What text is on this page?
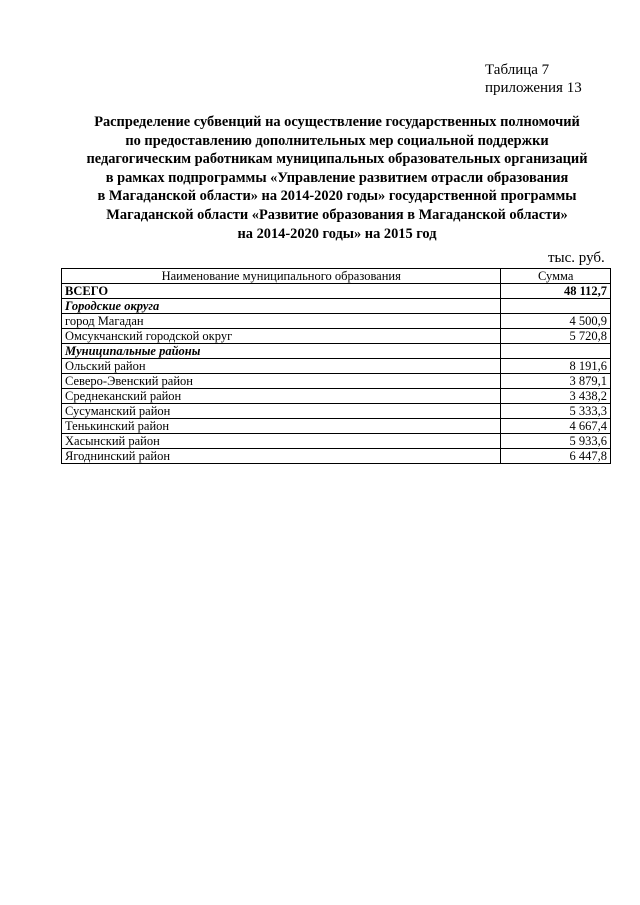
Таблица 7
приложения 13
Распределение субвенций на осуществление государственных полномочий
по предоставлению дополнительных мер социальной поддержки
педагогическим работникам муниципальных образовательных организаций
в рамках подпрограммы «Управление развитием отрасли образования
в Магаданской области» на 2014-2020 годы» государственной программы
Магаданской области «Развитие образования в Магаданской области»
на 2014-2020 годы» на 2015 год
тыс. руб.
Наименование муниципального образования	Сумма
ВСЕГО	48 112,7
Городские округа	
город Магадан	4 500,9
Омсукчанский городской округ	5 720,8
Муниципальные районы	
Ольский район	8 191,6
Северо-Эвенский район	3 879,1
Среднеканский район	3 438,2
Сусуманский район	5 333,3
Тенькинский район	4 667,4
Хасынский район	5 933,6
Ягоднинский район	6 447,8
